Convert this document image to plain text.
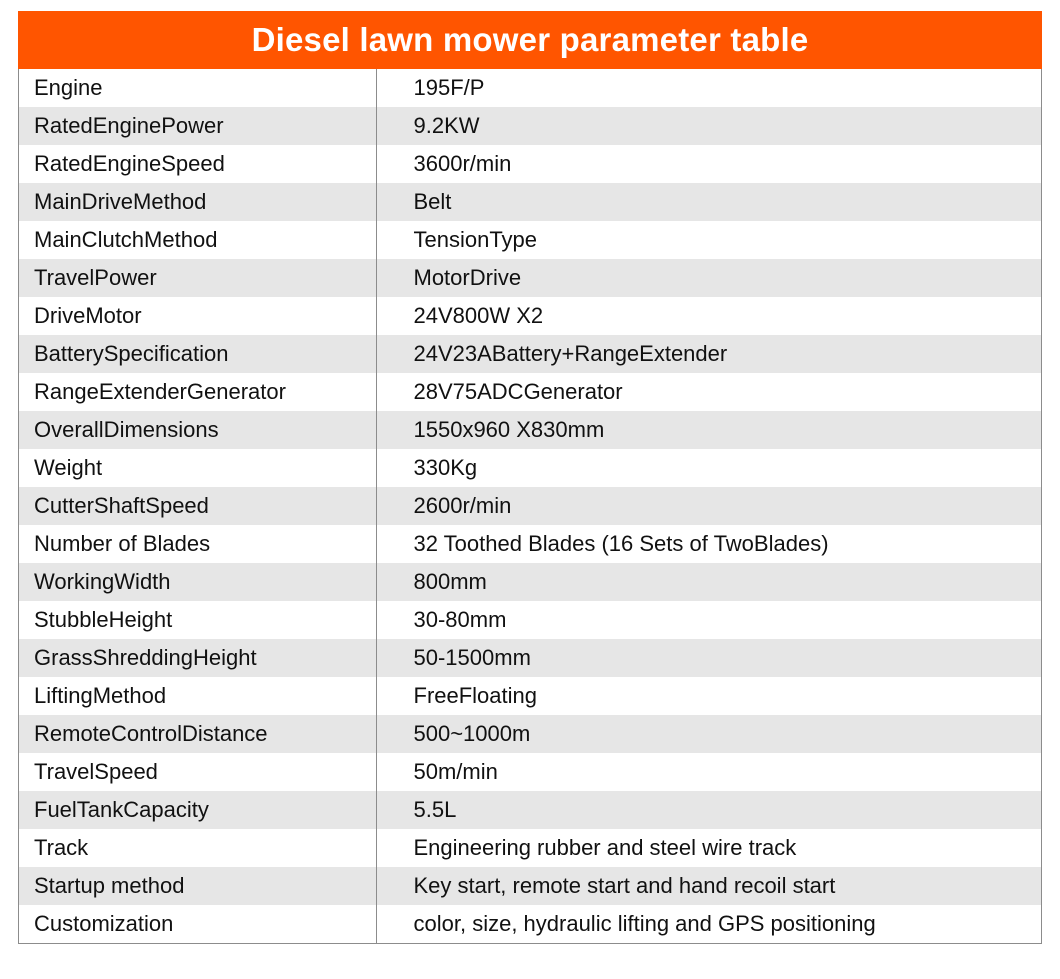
Diesel lawn mower parameter table
Engine	195F/P
RatedEnginePower	9.2KW
RatedEngineSpeed	3600r/min
MainDriveMethod	Belt
MainClutchMethod	TensionType
TravelPower	MotorDrive
DriveMotor	24V800W X2
BatterySpecification	24V23ABattery+RangeExtender
RangeExtenderGenerator	28V75ADCGenerator
OverallDimensions	1550x960 X830mm
Weight	330Kg
CutterShaftSpeed	2600r/min
Number of Blades	32 Toothed Blades (16 Sets of TwoBlades)
WorkingWidth	800mm
StubbleHeight	30-80mm
GrassShreddingHeight	50-1500mm
LiftingMethod	FreeFloating
RemoteControlDistance	500~1000m
TravelSpeed	50m/min
FuelTankCapacity	5.5L
Track	Engineering rubber and steel wire track
Startup method	Key start, remote start and hand recoil start
Customization	color, size, hydraulic lifting and GPS positioning
